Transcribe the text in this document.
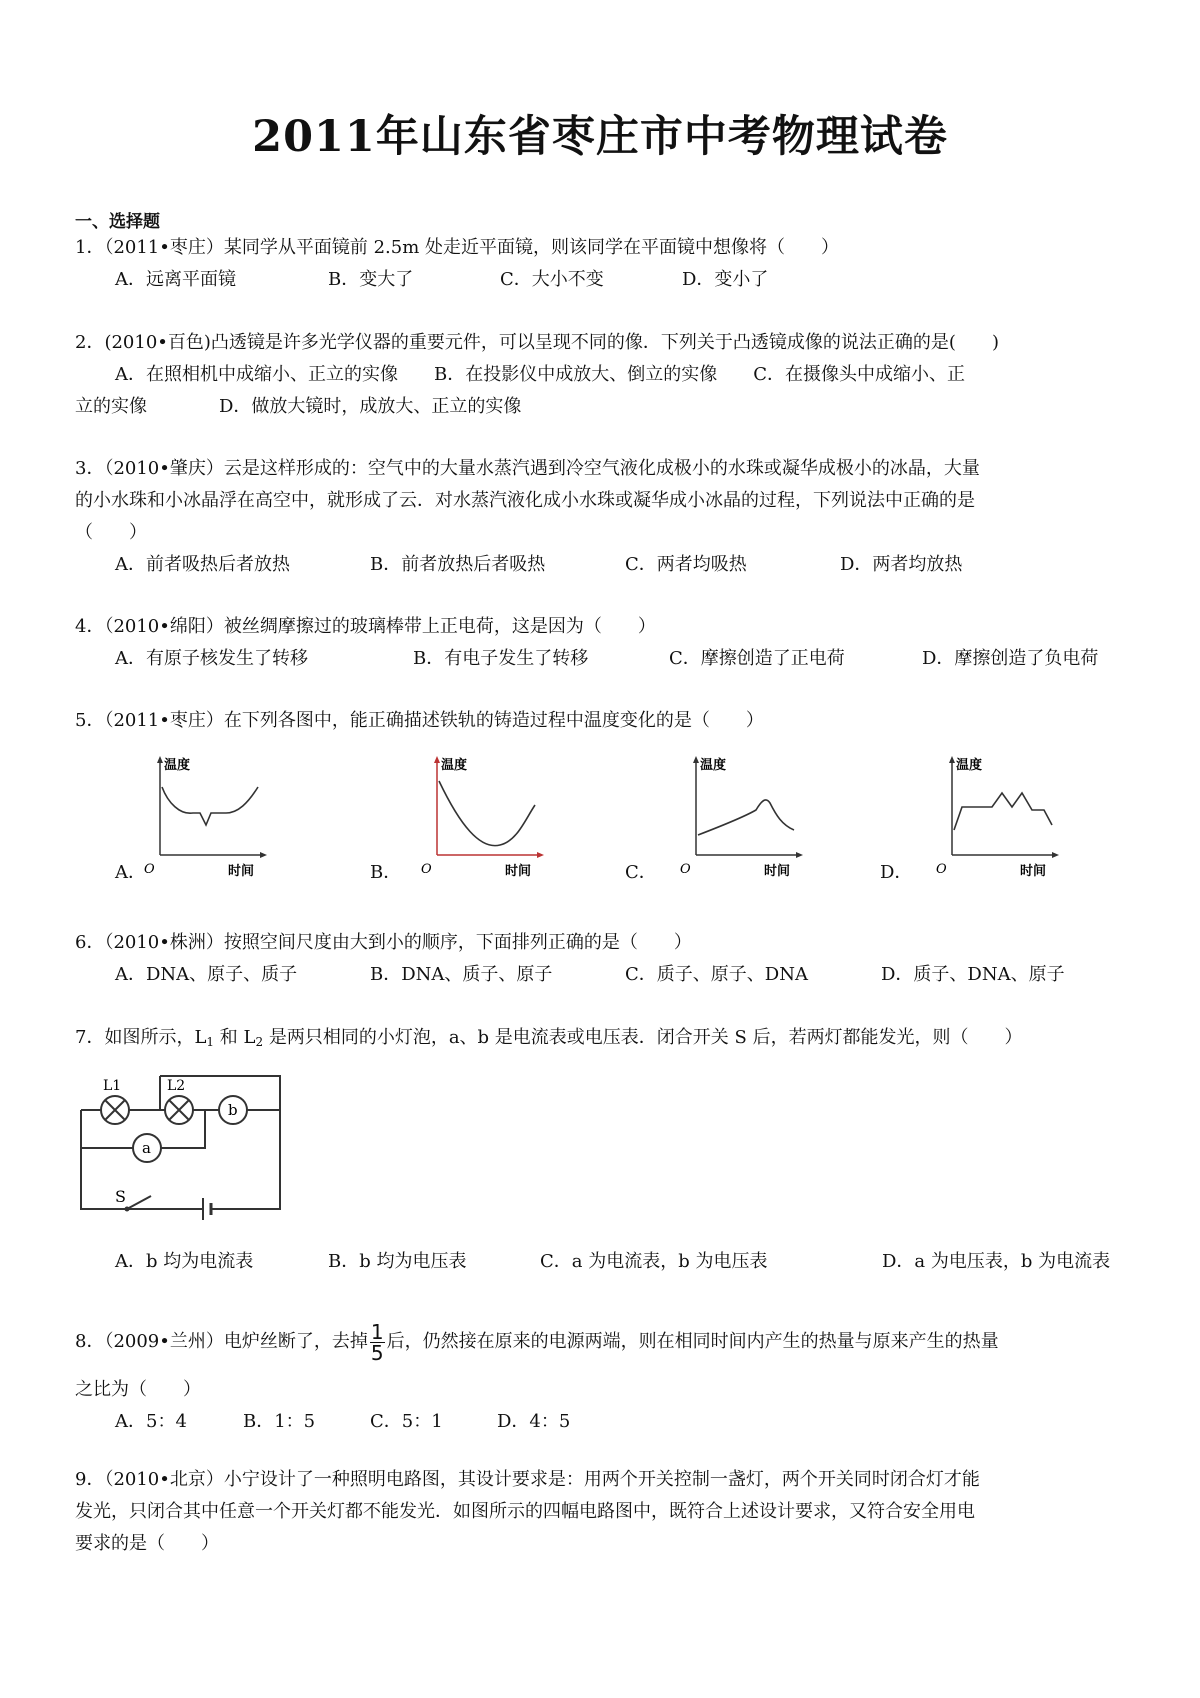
2011年山东省枣庄市中考物理试卷
一、选择题
1．（2011•枣庄）某同学从平面镜前 2.5m 处走近平面镜，则该同学在平面镜中想像将（　　）
A．远离平面镜	B．变大了	C．大小不变	D．变小了
2．(2010•百色)凸透镜是许多光学仪器的重要元件，可以呈现不同的像．下列关于凸透镜成像的说法正确的是(　　)
A．在照相机中成缩小、正立的实像　　B．在投影仪中成放大、倒立的实像　　C．在摄像头中成缩小、正
立的实像　　　　D．做放大镜时，成放大、正立的实像
3．（2010•肇庆）云是这样形成的：空气中的大量水蒸汽遇到冷空气液化成极小的水珠或凝华成极小的冰晶，大量
的小水珠和小冰晶浮在高空中，就形成了云．对水蒸汽液化成小水珠或凝华成小冰晶的过程，下列说法中正确的是
（　　）
A．前者吸热后者放热	B．前者放热后者吸热	C．两者均吸热	D．两者均放热
4．（2010•绵阳）被丝绸摩擦过的玻璃棒带上正电荷，这是因为（　　）
A．有原子核发生了转移	B．有电子发生了转移	C．摩擦创造了正电荷	D．摩擦创造了负电荷
5．（2011•枣庄）在下列各图中，能正确描述铁轨的铸造过程中温度变化的是（　　）
A．	B．	C．	D．
温度
O	时间
温度
O	时间
温度
O	时间
温度
O	时间
6．（2010•株洲）按照空间尺度由大到小的顺序，下面排列正确的是（　　）
A．DNA、原子、质子	B．DNA、质子、原子	C．质子、原子、DNA	D．质子、DNA、原子
7．如图所示，$L_1$ 和 $L_2$ 是两只相同的小灯泡，a、b 是电流表或电压表．闭合开关 S 后，若两灯都能发光，则（　　）
L1	L2
b
a
S
A．b 均为电流表	B．b 均为电压表	C．a 为电流表，b 为电压表	D．a 为电压表，b 为电流表
8．（2009•兰州）电炉丝断了，去掉 $\frac{1}{5}$ 后，仍然接在原来的电源两端，则在相同时间内产生的热量与原来产生的热量
之比为（　　）
A．5：4	B．1：5	C．5：1	D．4：5
9．（2010•北京）小宁设计了一种照明电路图，其设计要求是：用两个开关控制一盏灯，两个开关同时闭合灯才能
发光，只闭合其中任意一个开关灯都不能发光．如图所示的四幅电路图中，既符合上述设计要求，又符合安全用电
要求的是（　　）
